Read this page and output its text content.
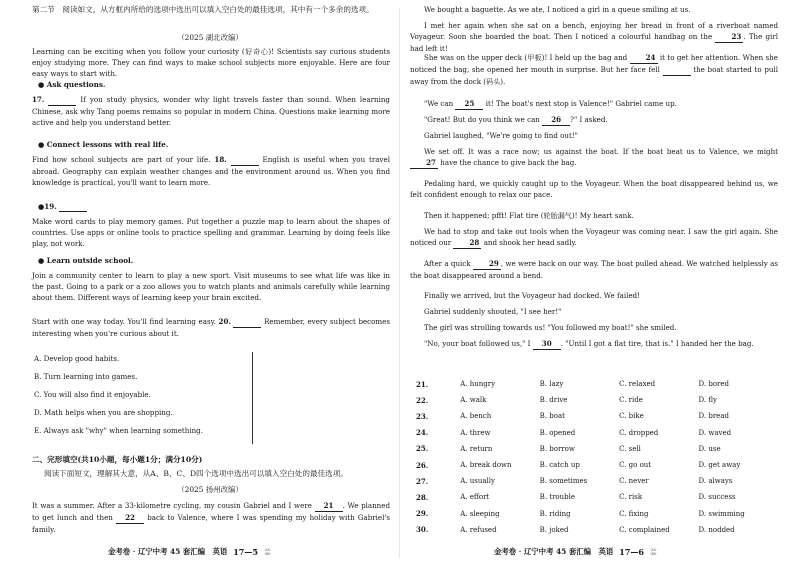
第二节　阅读如文，从方框内所给的选项中选出可以填入空白处的最佳选项，其中有一个多余的选项。

（2025 湖北改编）

Learning can be exciting when you follow your curiosity (好奇心)! Scientists say curious students enjoy studying more. They can find ways to make school subjects more enjoyable. Here are four easy ways to start with.

● Ask questions.

17.	If you study physics, wonder why light travels faster than sound. When learning Chinese, ask why Tang poems remains so popular in modern China. Questions make learning more active and help you understand better.

● Connect lessons with real life.

Find how school subjects are part of your life. 18.	English is useful when you travel abroad. Geography can explain weather changes and the environment around us. When you find knowledge is practical, you'll want to learn more.

●19.

Make word cards to play memory games. Put together a puzzle map to learn about the shapes of countries. Use apps or online tools to practice spelling and grammar. Learning by doing feels like play, not work.

● Learn outside school.

Join a community center to learn to play a new sport. Visit museums to see what life was like in the past. Going to a park or a zoo allows you to watch plants and animals carefully while learning about them. Different ways of learning keep your brain excited.

Start with one way today. You'll find learning easy. 20.	Remember, every subject becomes interesting when you're curious about it.

A. Develop good habits.

B. Turn learning into games.

C. You will also find it enjoyable.

D. Math helps when you are shopping.

E. Always ask "why" when learning something.

二、完形填空(共10小题，每小题1分；满分10分)

阅读下面短文，理解其大意，从A、B、C、D四个选项中选出可以填入空白处的最佳选项。

（2025 扬州改编）

It was a summer. After a 33-kilometre cycling, my cousin Gabriel and I were 21 . We planned to get lunch and then 22 back to Valence, where I was spending my holiday with Gabriel's family.

金考卷 · 辽宁中考 45 套汇编　英语 17—5 ·23·
·38·

We bought a baguette. As we ate, I noticed a girl in a queue smiling at us.

I met her again when she sat on a bench, enjoying her bread in front of a riverboat named Voyageur. Soon she boarded the boat. Then I noticed a colourful handbag on the	23 . The girl had left it!

She was on the upper deck (甲板)! I held up the bag and	24 it to get her attention. When she noticed the bag, she opened her mouth in surprise. But her face fell	the boat started to pull away from the dock (码头).

"We can 25 it! The boat's next stop is Valence!" Gabriel came up.

"Great! But do you think we can 26 ?" I asked.

Gabriel laughed, "We're going to find out!"

We set off. It was a race now; us against the boat. If the boat beat us to Valence, we might 27 have the chance to give back the bag.

Pedaling hard, we quickly caught up to the Voyageur. When the boat disappeared behind us, we felt confident enough to relax our pace.

Then it happened; pfft! Flat tire (轮胎漏气)! My heart sank.

We had to stop and take out tools when the Voyageur was coming near. I saw the girl again. She noticed our	28 and shook her head sadly.

After a quick	29 , we were back on our way. The boat pulled ahead. We watched helplessly as the boat disappeared around a bend.

Finally we arrived, but the Voyageur had docked. We failed!

Gabriel suddenly shouted, "I see her!"

The girl was strolling towards us! "You followed my boat!" she smiled.

"No, your boat followed us," I 30 . "Until I got a flat tire, that is." I handed her the bag.

21.	A. hungry	B. lazy	C. relaxed	D. bored
22.	A. walk	B. drive	C. ride	D. fly
23.	A. bench	B. boat	C. bike	D. bread
24.	A. threw	B. opened	C. dropped	D. waved
25.	A. return	B. borrow	C. sell	D. use
26.	A. break down	B. catch up	C. go out	D. get away
27.	A. usually	B. sometimes	C. never	D. always
28.	A. effort	B. trouble	C. risk	D. success
29.	A. sleeping	B. riding	C. fixing	D. swimming
30.	A. refused	B. joked	C. complained	D. nodded
金考卷 · 辽宁中考 45 套汇编　英语 17—6 ·23·
·38·
